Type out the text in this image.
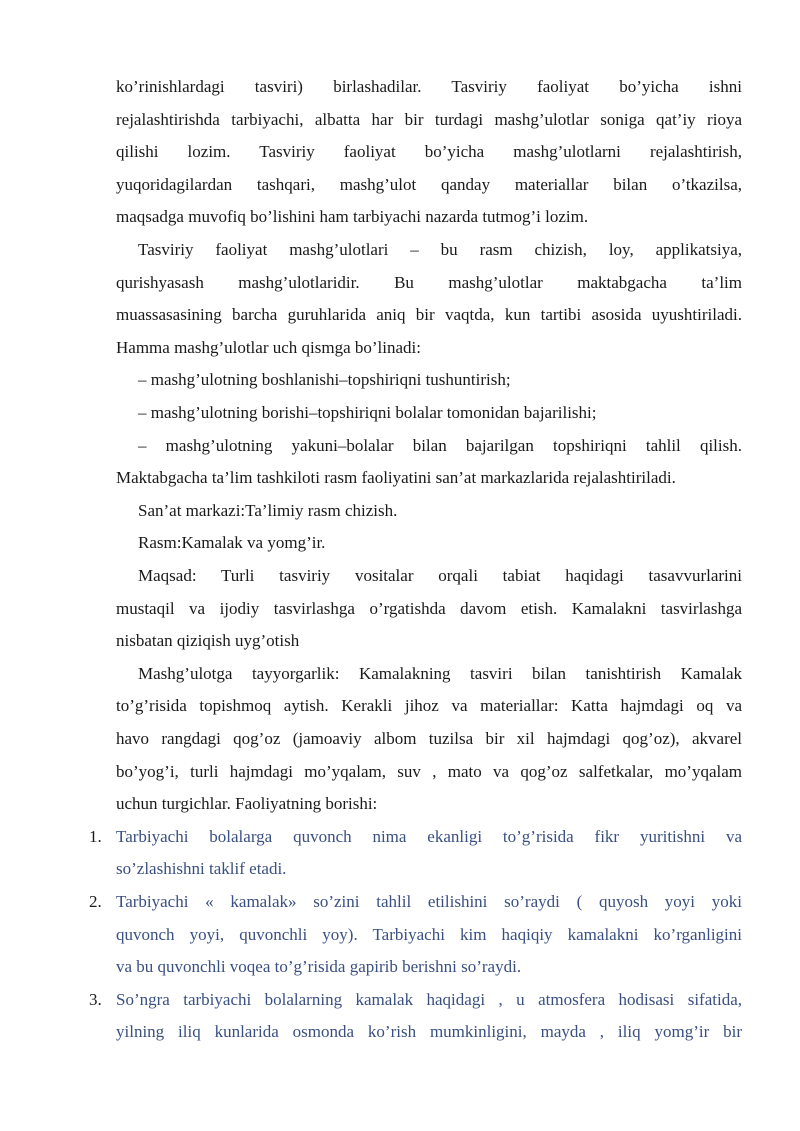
ko’rinishlardagi tasviri) birlashadilar. Tasviriy faoliyat bo’yicha ishni
rejalashtirishda tarbiyachi, albatta har bir turdagi mashg’ulotlar soniga qat’iy rioya
qilishi lozim. Tasviriy faoliyat bo’yicha mashg’ulotlarni rejalashtirish,
yuqoridagilardan tashqari, mashg’ulot qanday materiallar bilan o’tkazilsa,
maqsadga muvofiq bo’lishini ham tarbiyachi nazarda tutmog’i lozim.
Tasviriy faoliyat mashg’ulotlari – bu rasm chizish, loy, applikatsiya,
qurishyasash mashg’ulotlaridir. Bu mashg’ulotlar maktabgacha ta’lim
muassasasining barcha guruhlarida aniq bir vaqtda, kun tartibi asosida uyushtiriladi.
Hamma mashg’ulotlar uch qismga bo’linadi:
– mashg’ulotning boshlanishi–topshiriqni tushuntirish;
– mashg’ulotning borishi–topshiriqni bolalar tomonidan bajarilishi;
– mashg’ulotning yakuni–bolalar bilan bajarilgan topshiriqni tahlil qilish.
Maktabgacha ta’lim tashkiloti rasm faoliyatini san’at markazlarida rejalashtiriladi.
San’at markazi:Ta’limiy rasm chizish.
Rasm:Kamalak va yomg’ir.
Maqsad: Turli tasviriy vositalar orqali tabiat haqidagi tasavvurlarini
mustaqil va ijodiy tasvirlashga o’rgatishda davom etish. Kamalakni tasvirlashga
nisbatan qiziqish uyg’otish
Mashg’ulotga tayyorgarlik: Kamalakning tasviri bilan tanishtirish Kamalak
to’g’risida topishmoq aytish. Kerakli jihoz va materiallar: Katta hajmdagi oq va
havo rangdagi qog’oz (jamoaviy albom tuzilsa bir xil hajmdagi qog’oz), akvarel
bo’yog’i, turli hajmdagi mo’yqalam, suv , mato va qog’oz salfetkalar, mo’yqalam
uchun turgichlar. Faoliyatning borishi:
1. Tarbiyachi bolalarga quvonch nima ekanligi to’g’risida fikr yuritishni va
so’zlashishni taklif etadi.
2. Tarbiyachi « kamalak» so’zini tahlil etilishini so’raydi ( quyosh yoyi yoki
quvonch yoyi, quvonchli yoy). Tarbiyachi kim haqiqiy kamalakni ko’rganligini
va bu quvonchli voqea to’g’risida gapirib berishni so’raydi.
3. So’ngra tarbiyachi bolalarning kamalak haqidagi , u atmosfera hodisasi sifatida,
yilning iliq kunlarida osmonda ko’rish mumkinligini, mayda , iliq yomg’ir bir
